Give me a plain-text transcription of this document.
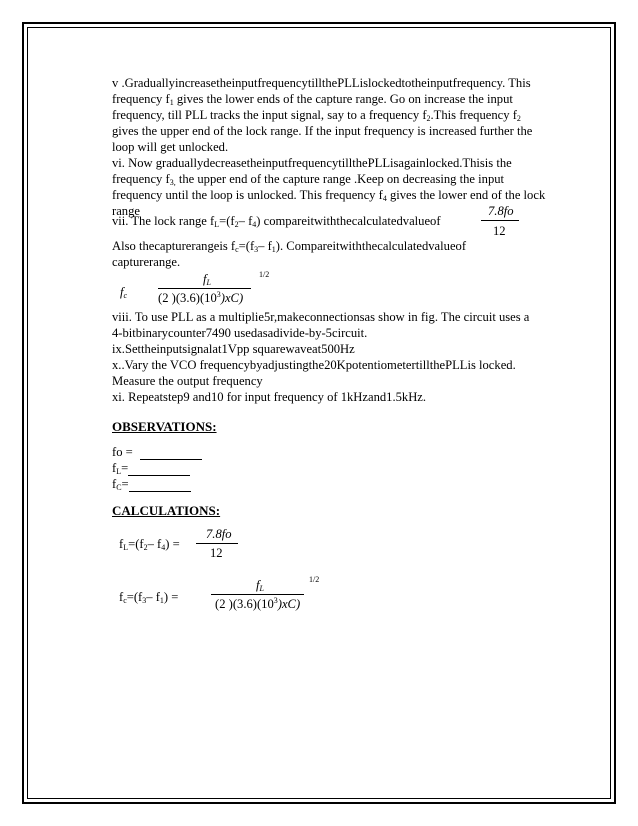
v .GraduallyincreasetheinputfrequencytillthePLLislockedtotheinputfrequency. This
frequency $f_1$ gives the lower ends of the capture range. Go on increase the input
frequency, till PLL tracks the input signal, say to a frequency $f_2.This$ frequency $f_2$
gives the upper end of the lock range. If the input frequency is increased further the
loop will get unlocked.
vi. Now graduallydecreasetheinputfrequencytillthePLLisagainlocked.Thisis the
frequency $f_{3,}$ the upper end of the capture range .Keep on decreasing the input
frequency until the loop is unlocked. This frequency $f_4$ gives the lower end of the lock
range	7.8fo
12
vii. The lock range $f_L=(f_2-$ $f_4$) compareitwiththecalculatedvalueof
Also thecapturerangeis $f_c=(f_3-$ $f_1$). Compareitwiththecalculatedvalueof
capturerange.
1/2
$f_L$
$f_c$ (2 )$(3.6)(10^3)xC$)
viii. To use PLL as a multiplie5r,makeconnectionsas show in fig. The circuit uses a
4-bitbinarycounter7490 usedasadivide-by-5circuit.
ix.Settheinputsignalat1Vpp squarewaveat500Hz
x..Vary the VCO frequencybyadjustingthe20KpotentiometertillthePLLis locked.
Measure the output frequency
xi. Repeatstep9 and10 for input frequency of 1kHzand1.5kHz.
OBSERVATIONS:
fo =
$f_L=$
$f_C=$
CALCULATIONS:
7.8fo
12
$f_L=(f_2-$ $f_4$) =
1/2
$f_L$
$f_c=(f_3-$ $f_1$) =	(2 )$(3.6)(10^3)xC$)
